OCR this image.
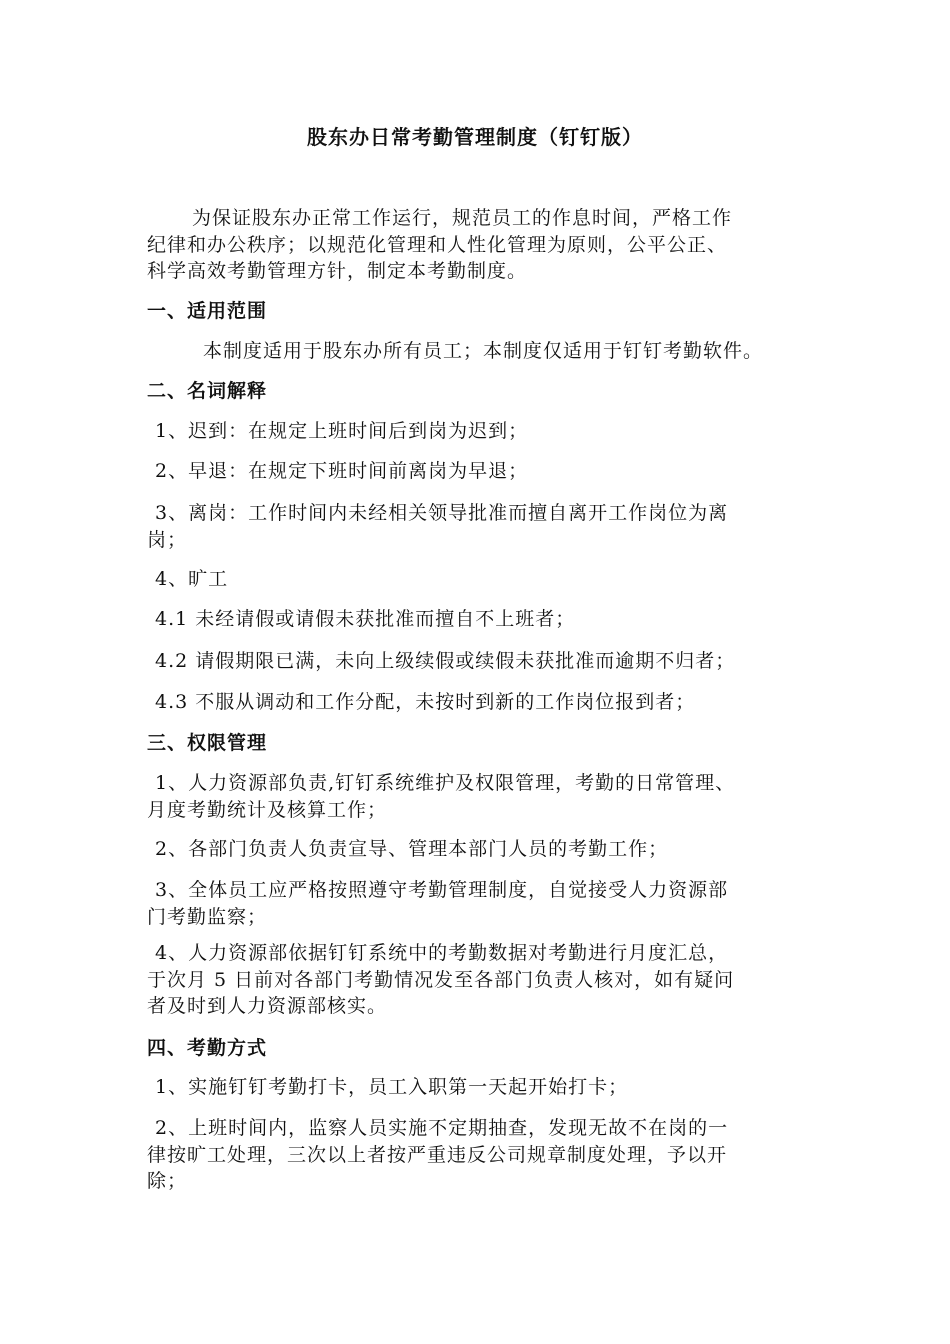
股东办日常考勤管理制度（钉钉版）
为保证股东办正常工作运行，规范员工的作息时间，严格工作
纪律和办公秩序；以规范化管理和人性化管理为原则，公平公正、
科学高效考勤管理方针，制定本考勤制度。
一、适用范围
本制度适用于股东办所有员工；本制度仅适用于钉钉考勤软件。
二、名词解释
1、迟到：在规定上班时间后到岗为迟到；
2、早退：在规定下班时间前离岗为早退；
3、离岗：工作时间内未经相关领导批准而擅自离开工作岗位为离
岗；
4、旷工
4.1 未经请假或请假未获批准而擅自不上班者；
4.2 请假期限已满，未向上级续假或续假未获批准而逾期不归者；
4.3 不服从调动和工作分配，未按时到新的工作岗位报到者；
三、权限管理
1、人力资源部负责,钉钉系统维护及权限管理，考勤的日常管理、
月度考勤统计及核算工作；
2、各部门负责人负责宣导、管理本部门人员的考勤工作；
3、全体员工应严格按照遵守考勤管理制度，自觉接受人力资源部
门考勤监察；
4、人力资源部依据钉钉系统中的考勤数据对考勤进行月度汇总，
于次月 5 日前对各部门考勤情况发至各部门负责人核对，如有疑问
者及时到人力资源部核实。
四、考勤方式
1、实施钉钉考勤打卡，员工入职第一天起开始打卡；
2、上班时间内，监察人员实施不定期抽查，发现无故不在岗的一
律按旷工处理，三次以上者按严重违反公司规章制度处理，予以开
除；
